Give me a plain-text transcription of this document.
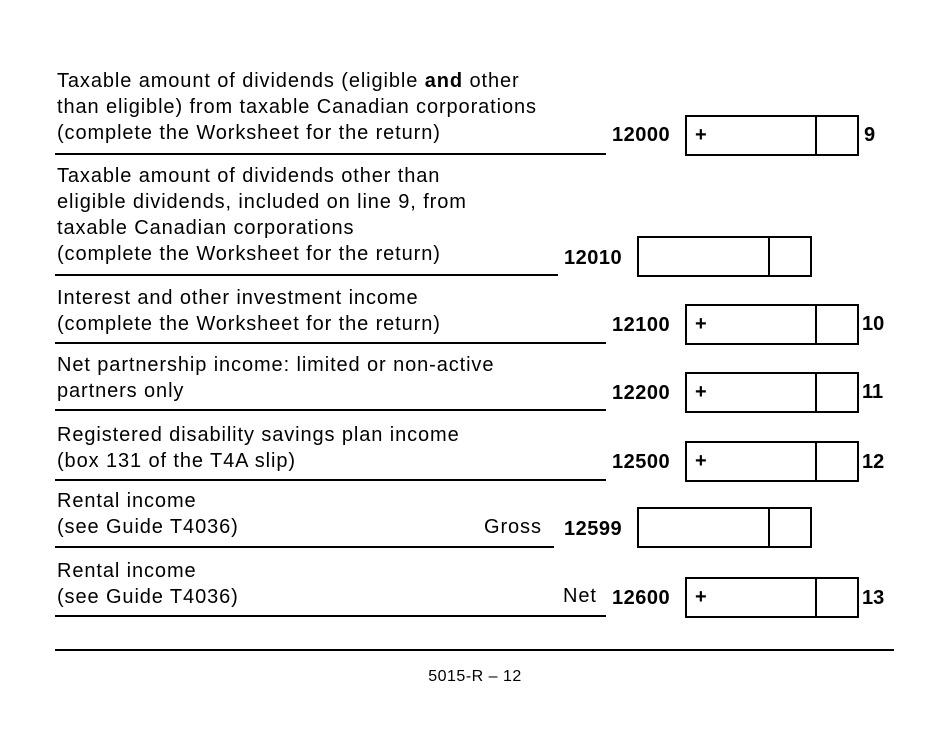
Taxable amount of dividends (eligible and other
than eligible) from taxable Canadian corporations
(complete the Worksheet for the return)	12000 +	9
Taxable amount of dividends other than
eligible dividends, included on line 9, from
taxable Canadian corporations
(complete the Worksheet for the return)	12010
Interest and other investment income
(complete the Worksheet for the return)	12100 +	10
Net partnership income: limited or non-active
partners only	12200 +	11
Registered disability savings plan income
(box 131 of the T4A slip)	12500 +	12
Rental income
(see Guide T4036)	Gross 12599
Rental income
(see Guide T4036)	Net 12600 +	13
5015-R – 12
